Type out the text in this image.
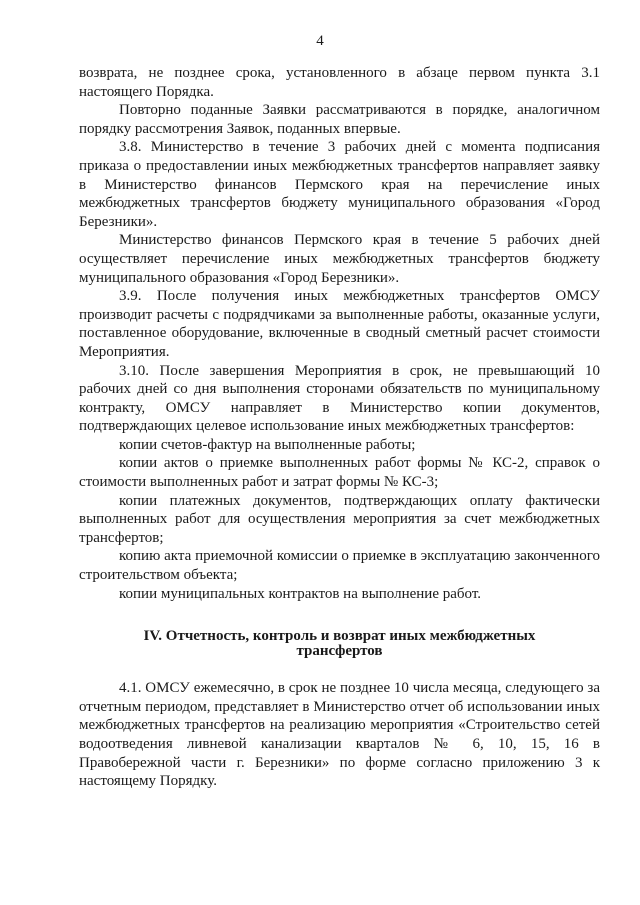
4

возврата, не позднее срока, установленного в абзаце первом пункта 3.1 настоящего Порядка.

Повторно поданные Заявки рассматриваются в порядке, аналогичном порядку рассмотрения Заявок, поданных впервые.

3.8. Министерство в течение 3 рабочих дней с момента подписания приказа о предоставлении иных межбюджетных трансфертов направляет заявку в Министерство финансов Пермского края на перечисление иных межбюджетных трансфертов бюджету муниципального образования «Город Березники».

Министерство финансов Пермского края в течение 5 рабочих дней осуществляет перечисление иных межбюджетных трансфертов бюджету муниципального образования «Город Березники».

3.9. После получения иных межбюджетных трансфертов ОМСУ производит расчеты с подрядчиками за выполненные работы, оказанные услуги, поставленное оборудование, включенные в сводный сметный расчет стоимости Мероприятия.

3.10. После завершения Мероприятия в срок, не превышающий 10 рабочих дней со дня выполнения сторонами обязательств по муниципальному контракту, ОМСУ направляет в Министерство копии документов, подтверждающих целевое использование иных межбюджетных трансфертов:

копии счетов-фактур на выполненные работы;

копии актов о приемке выполненных работ формы № КС-2, справок о стоимости выполненных работ и затрат формы № КС-3;

копии платежных документов, подтверждающих оплату фактически выполненных работ для осуществления мероприятия за счет межбюджетных трансфертов;

копию акта приемочной комиссии о приемке в эксплуатацию законченного строительством объекта;

копии муниципальных контрактов на выполнение работ.

IV. Отчетность, контроль и возврат иных межбюджетных
трансфертов

4.1. ОМСУ ежемесячно, в срок не позднее 10 числа месяца, следующего за отчетным периодом, представляет в Министерство отчет об использовании иных межбюджетных трансфертов на реализацию мероприятия «Строительство сетей водоотведения ливневой канализации кварталов № 6, 10, 15, 16 в Правобережной части г. Березники» по форме согласно приложению 3 к настоящему Порядку.
